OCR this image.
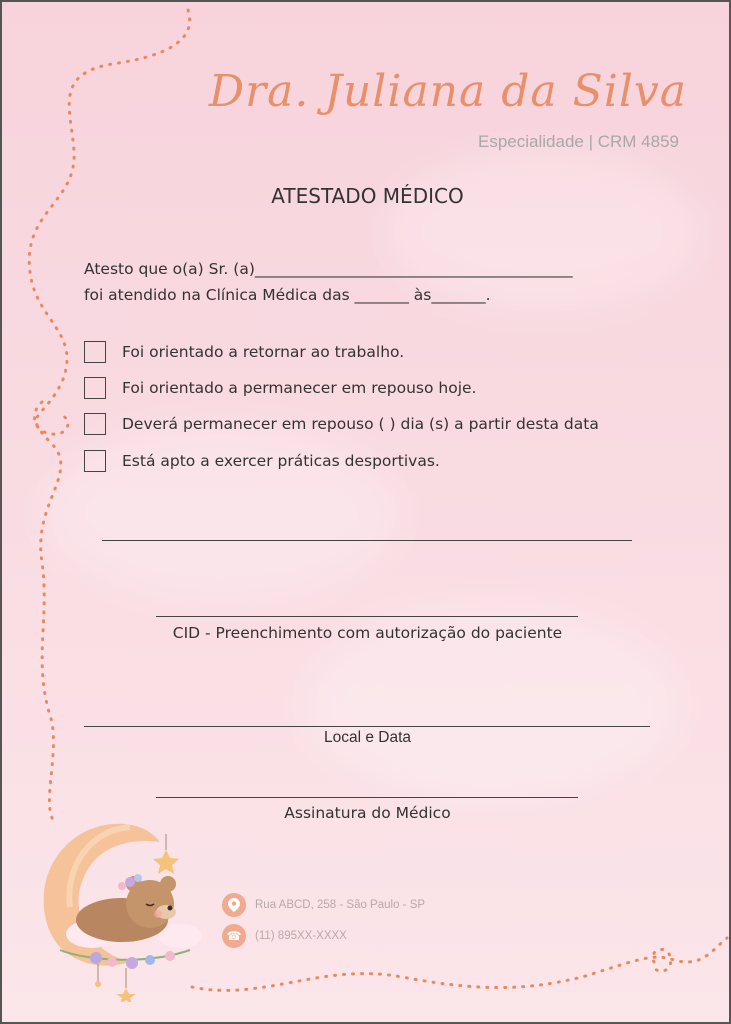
Dra. Juliana da Silva
Especialidade | CRM 4859
ATESTADO MÉDICO
Atesto que o(a) Sr. (a)_________________________________________
foi atendido na Clínica Médica das _______ às_______.
Foi orientado a retornar ao trabalho.
Foi orientado a permanecer em repouso hoje.
Deverá permanecer em repouso ( ) dia (s) a partir desta data
Está apto a exercer práticas desportivas.
CID - Preenchimento com autorização do paciente
Local e Data
Assinatura do Médico
Rua ABCD, 258 - São Paulo - SP
☎	(11) 895XX-XXXX
